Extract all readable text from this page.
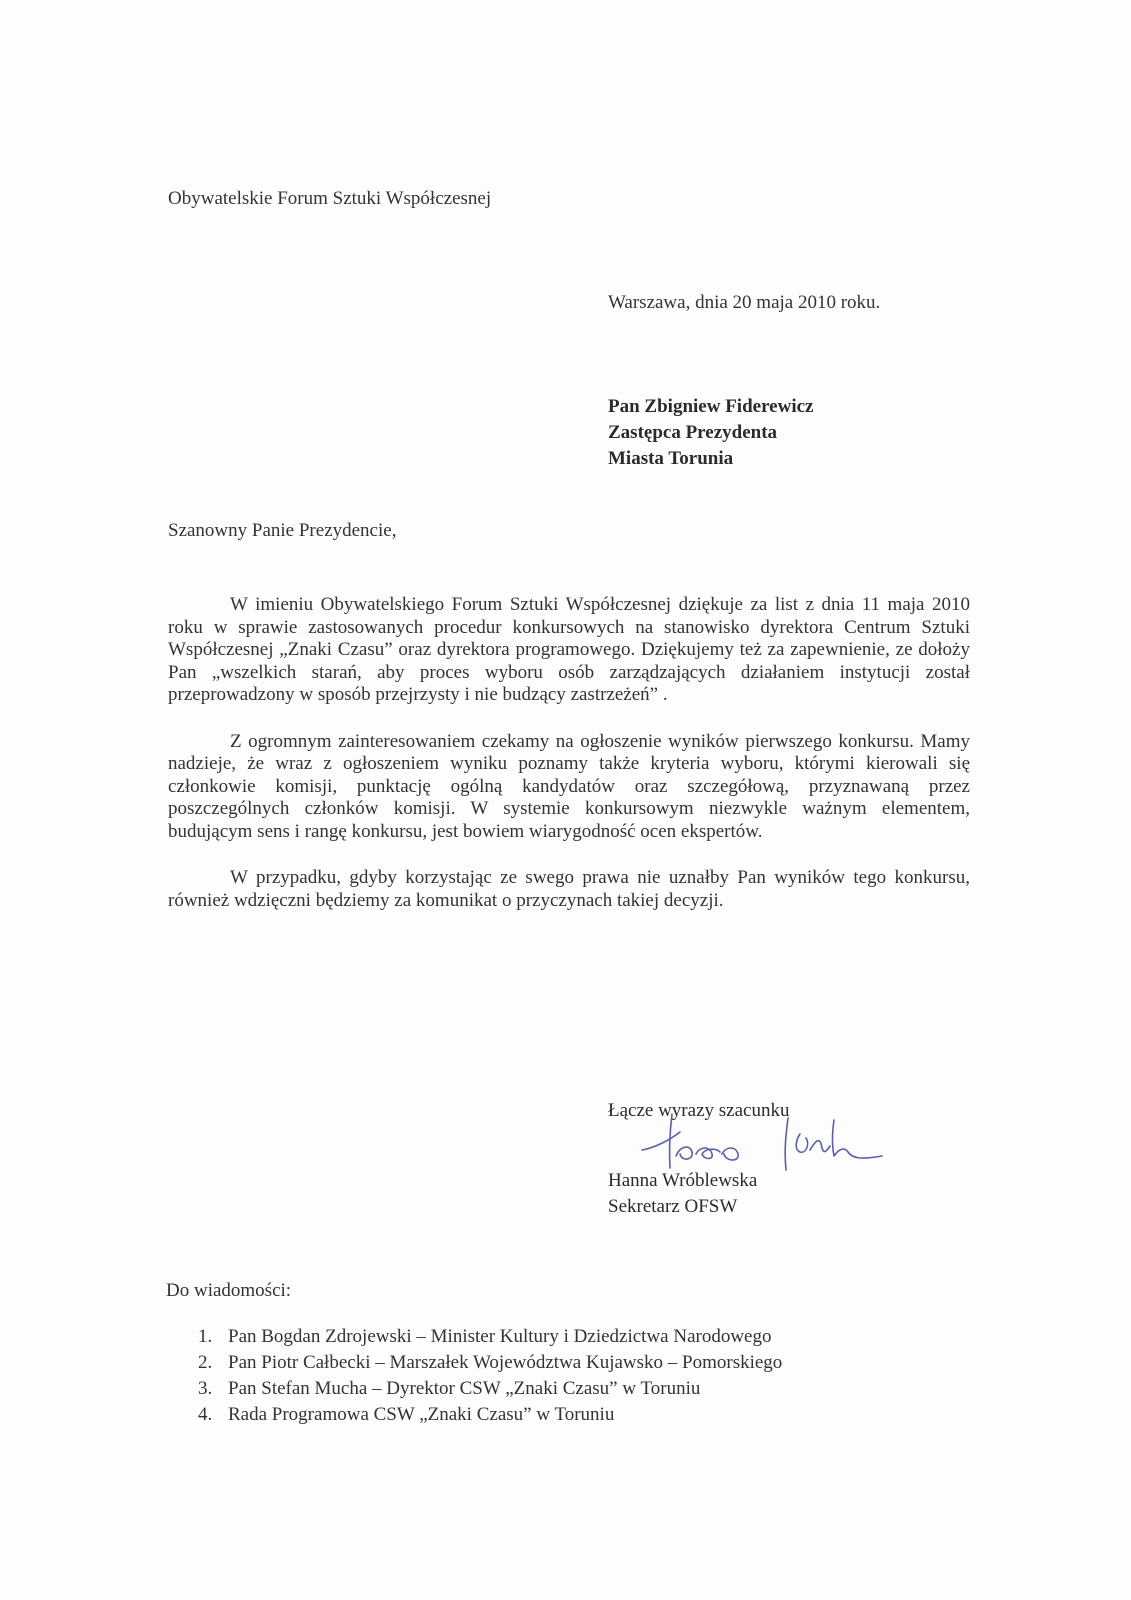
Obywatelskie Forum Sztuki Współczesnej
Warszawa, dnia 20 maja 2010 roku.
Pan Zbigniew Fiderewicz
Zastępca Prezydenta
Miasta Torunia
Szanowny Panie Prezydencie,

W imieniu Obywatelskiego Forum Sztuki Współczesnej dziękuje za list z dnia 11 maja 2010 roku w sprawie zastosowanych procedur konkursowych na stanowisko dyrektora Centrum Sztuki Współczesnej „Znaki Czasu” oraz dyrektora programowego. Dziękujemy też za zapewnienie, ze dołoży Pan „wszelkich starań, aby proces wyboru osób zarządzających działaniem instytucji został przeprowadzony w sposób przejrzysty i nie budzący zastrzeżeń” .

Z ogromnym zainteresowaniem czekamy na ogłoszenie wyników pierwszego konkursu. Mamy nadzieje, że wraz z ogłoszeniem wyniku poznamy także kryteria wyboru, którymi kierowali się członkowie komisji, punktację ogólną kandydatów oraz szczegółową, przyznawaną przez poszczególnych członków komisji. W systemie konkursowym niezwykle ważnym elementem, budującym sens i rangę konkursu, jest bowiem wiarygodność ocen ekspertów.

W przypadku, gdyby korzystając ze swego prawa nie uznałby Pan wyników tego konkursu, również wdzięczni będziemy za komunikat o przyczynach takiej decyzji.

Łącze wyrazy szacunku
Hanna Wróblewska
Sekretarz OFSW
Do wiadomości:
1. Pan Bogdan Zdrojewski – Minister Kultury i Dziedzictwa Narodowego
2. Pan Piotr Całbecki – Marszałek Województwa Kujawsko – Pomorskiego
3. Pan Stefan Mucha – Dyrektor CSW „Znaki Czasu” w Toruniu
4. Rada Programowa CSW „Znaki Czasu” w Toruniu
